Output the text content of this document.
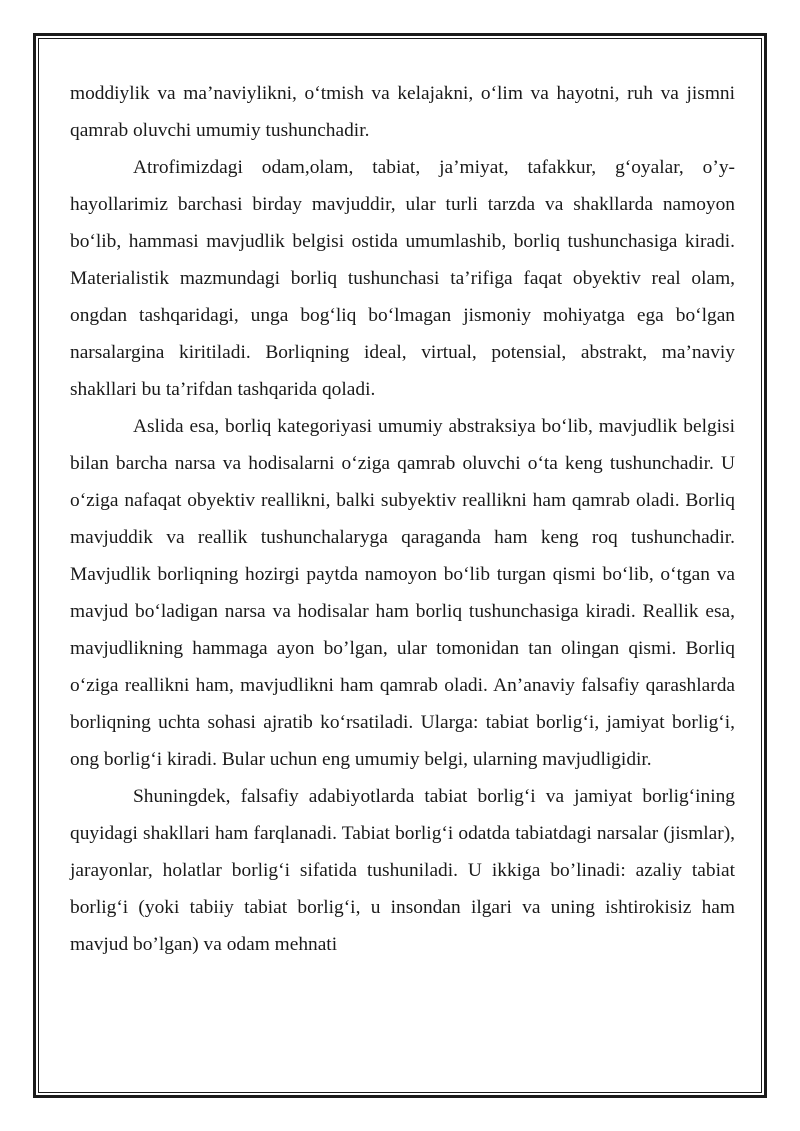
moddiylik va ma’naviylikni, o‘tmish va kelajakni, o‘lim va hayotni, ruh va jismni qamrab oluvchi umumiy tushunchadir.

Atrofimizdagi odam,olam, tabiat, ja’miyat, tafakkur, g‘oyalar, o’y-hayollarimiz barchasi birday mavjuddir, ular turli tarzda va shakllarda namoyon bo‘lib, hammasi mavjudlik belgisi ostida umumlashib, borliq tushunchasiga kiradi. Materialistik mazmundagi borliq tushunchasi ta’rifiga faqat obyektiv real olam, ongdan tashqaridagi, unga bog‘liq bo‘lmagan jismoniy mohiyatga ega bo‘lgan narsalargina kiritiladi. Borliqning ideal, virtual, potensial, abstrakt, ma’naviy shakllari bu ta’rifdan tashqarida qoladi.

Aslida esa, borliq kategoriyasi umumiy abstraksiya bo‘lib, mavjudlik belgisi bilan barcha narsa va hodisalarni o‘ziga qamrab oluvchi o‘ta keng tushunchadir. U o‘ziga nafaqat obyektiv reallikni, balki subyektiv reallikni ham qamrab oladi. Borliq mavjuddik va reallik tushunchalaryga qaraganda ham keng roq tushunchadir. Mavjudlik borliqning hozirgi paytda namoyon bo‘lib turgan qismi bo‘lib, o‘tgan va mavjud bo‘ladigan narsa va hodisalar ham borliq tushunchasiga kiradi. Reallik esa, mavjudlikning hammaga ayon bo’lgan, ular tomonidan tan olingan qismi. Borliq o‘ziga reallikni ham, mavjudlikni ham qamrab oladi. An’anaviy falsafiy qarashlarda borliqning uchta sohasi ajratib ko‘rsatiladi. Ularga: tabiat borlig‘i, jamiyat borlig‘i, ong borlig‘i kiradi. Bular uchun eng umumiy belgi, ularning mavjudligidir.

Shuningdek, falsafiy adabiyotlarda tabiat borlig‘i va jamiyat borlig‘ining quyidagi shakllari ham farqlanadi. Tabiat borlig‘i odatda tabiatdagi narsalar (jismlar), jarayonlar, holatlar borlig‘i sifatida tushuniladi. U ikkiga bo’linadi: azaliy tabiat borlig‘i (yoki tabiiy tabiat borlig‘i, u insondan ilgari va uning ishtirokisiz ham mavjud bo’lgan) va odam mehnati
